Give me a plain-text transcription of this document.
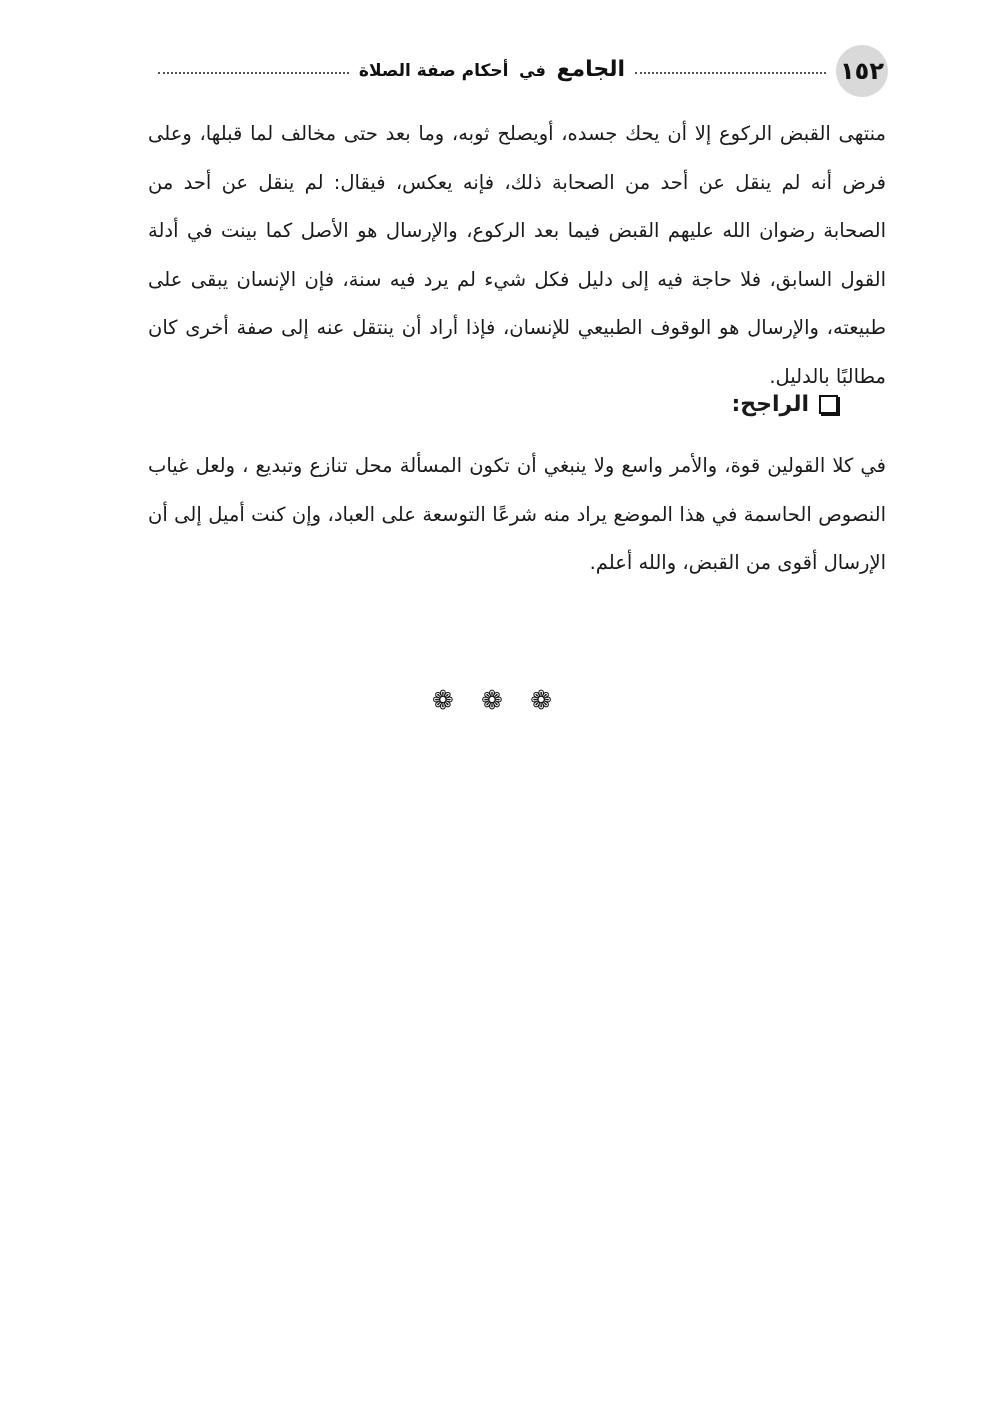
١٥٢
الجامع في أحكام صفة الصلاة

منتهى القبض الركوع إلا أن يحك جسده، أويصلح ثوبه، وما بعد حتى مخالف لما قبلها، وعلى فرض أنه لم ينقل عن أحد من الصحابة ذلك، فإنه يعكس، فيقال: لم ينقل عن أحد من الصحابة رضوان الله عليهم القبض فيما بعد الركوع، والإرسال هو الأصل كما بينت في أدلة القول السابق، فلا حاجة فيه إلى دليل فكل شيء لم يرد فيه سنة، فإن الإنسان يبقى على طبيعته، والإرسال هو الوقوف الطبيعي للإنسان، فإذا أراد أن ينتقل عنه إلى صفة أخرى كان مطالبًا بالدليل.

الراجح:

في كلا القولين قوة، والأمر واسع ولا ينبغي أن تكون المسألة محل تنازع وتبديع ، ولعل غياب النصوص الحاسمة في هذا الموضع يراد منه شرعًا التوسعة على العباد، وإن كنت أميل إلى أن الإرسال أقوى من القبض، والله أعلم.

❁ ❁ ❁
